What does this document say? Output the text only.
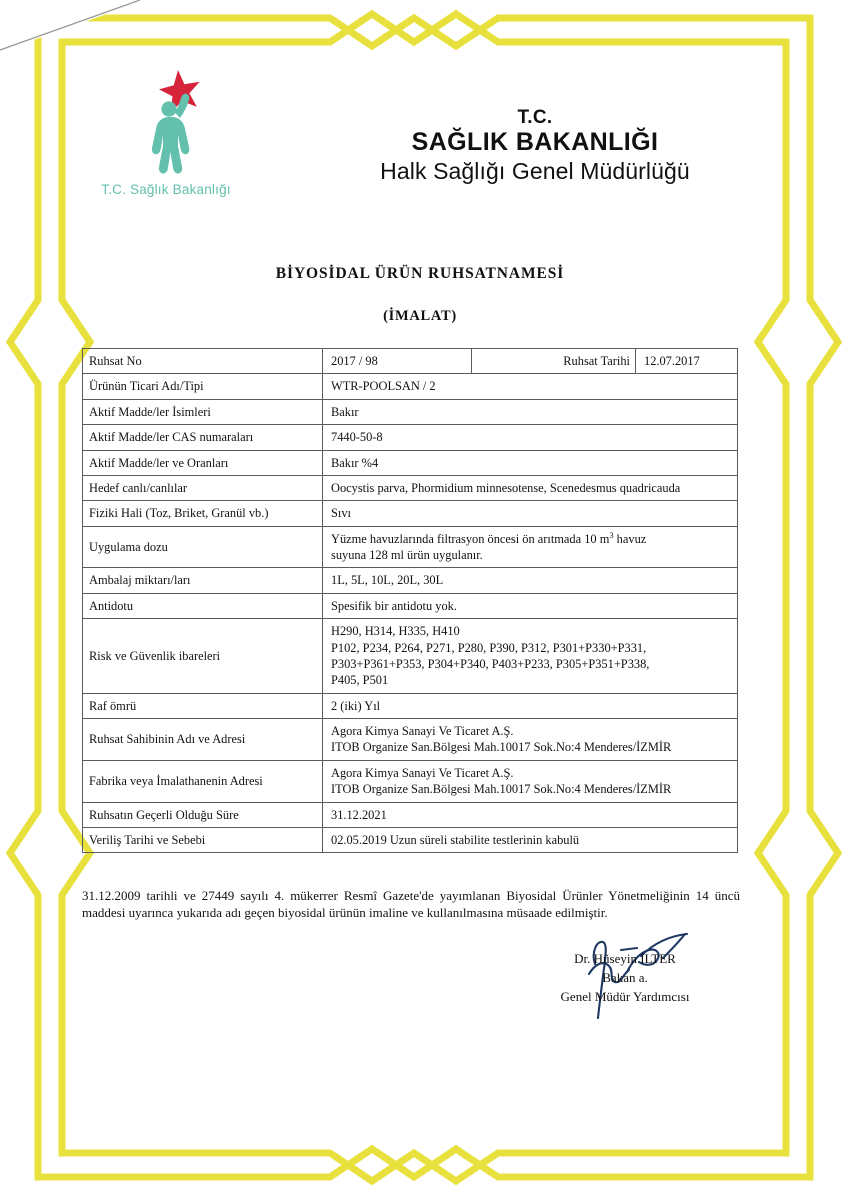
T.C. Sağlık Bakanlığı
T.C.
SAĞLIK BAKANLIĞI
Halk Sağlığı Genel Müdürlüğü
BİYOSİDAL ÜRÜN RUHSATNAMESİ
(İMALAT)
Ruhsat No	2017 / 98	Ruhsat Tarihi	12.07.2017
Ürünün Ticari Adı/Tipi	WTR-POOLSAN / 2		
Aktif Madde/ler İsimleri	Bakır		
Aktif Madde/ler CAS numaraları	7440-50-8		
Aktif Madde/ler ve Oranları	Bakır %4		
Hedef canlı/canlılar	Oocystis parva, Phormidium minnesotense, Scenedesmus quadricauda		
Fiziki Hali (Toz, Briket, Granül vb.)	Sıvı		
Uygulama dozu	Yüzme havuzlarında filtrasyon öncesi ön arıtmada 10 $m^3$ havuz
suyuna 128 ml ürün uygulanır.		

Ambalaj miktarı/ları	1L, 5L, 10L, 20L, 30L		
Antidotu	Spesifik bir antidotu yok.		
Risk ve Güvenlik ibareleri	H290, H314, H335, H410
P102, P234, P264, P271, P280, P390, P312, P301+P330+P331,
P303+P361+P353, P304+P340, P403+P233, P305+P351+P338,
P405, P501		

Raf ömrü	2 (iki) Yıl		
Ruhsat Sahibinin Adı ve Adresi	Agora Kimya Sanayi Ve Ticaret A.Ş.
ITOB Organize San.Bölgesi Mah.10017 Sok.No:4 Menderes/İZMİR		

Fabrika veya İmalathanenin Adresi	Agora Kimya Sanayi Ve Ticaret A.Ş.
ITOB Organize San.Bölgesi Mah.10017 Sok.No:4 Menderes/İZMİR		

Ruhsatın Geçerli Olduğu Süre	31.12.2021		
Veriliş Tarihi ve Sebebi	02.05.2019 Uzun süreli stabilite testlerinin kabulü		
31.12.2009 tarihli ve 27449 sayılı 4. mükerrer Resmî Gazete'de yayımlanan Biyosidal Ürünler Yönetmeliğinin 14 üncü maddesi uyarınca yukarıda adı geçen biyosidal ürünün imaline ve kullanılmasına müsaade edilmiştir.
Dr. Hüseyin İLTER
Bakan a.
Genel Müdür Yardımcısı
